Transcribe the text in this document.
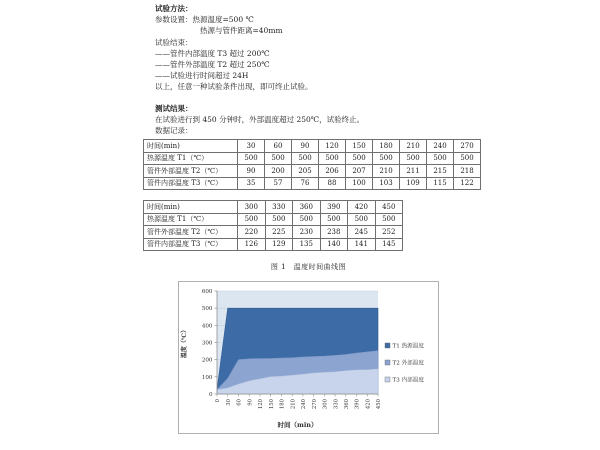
试验方法：
参数设置：热源温度=500 ℃
热源与管件距离=40mm
试验结束：
——管件内部温度 T3 超过 200℃
——管件外部温度 T2 超过 250℃
——试验进行时间超过 24H
以上，任意一种试验条件出现，即可终止试验。
测试结果：
在试验进行到 450 分钟时，外部温度超过 250℃，试验终止。
数据记录：
时间(min)	30	60	90	120	150	180	210	240	270
热源温度 T1（℃）	500	500	500	500	500	500	500	500	500
管件外部温度 T2（℃）	90	200	205	206	207	210	211	215	218
管件内部温度 T3（℃）	35	57	76	88	100	103	109	115	122
时间(min)	300	330	360	390	420	450
热源温度 T1（℃）	500	500	500	500	500	500
管件外部温度 T2（℃）	220	225	230	238	245	252
管件内部温度 T3（℃）	126	129	135	140	141	145
图 1　温度时间曲线图
0
100
200
300
400
500
600
0 30 60 90 120 150 180 210 240 270 300 330 360 390 420 450
温度（℃）
时间（min）
T1 热源温度
T2 外部温度
T3 内部温度
